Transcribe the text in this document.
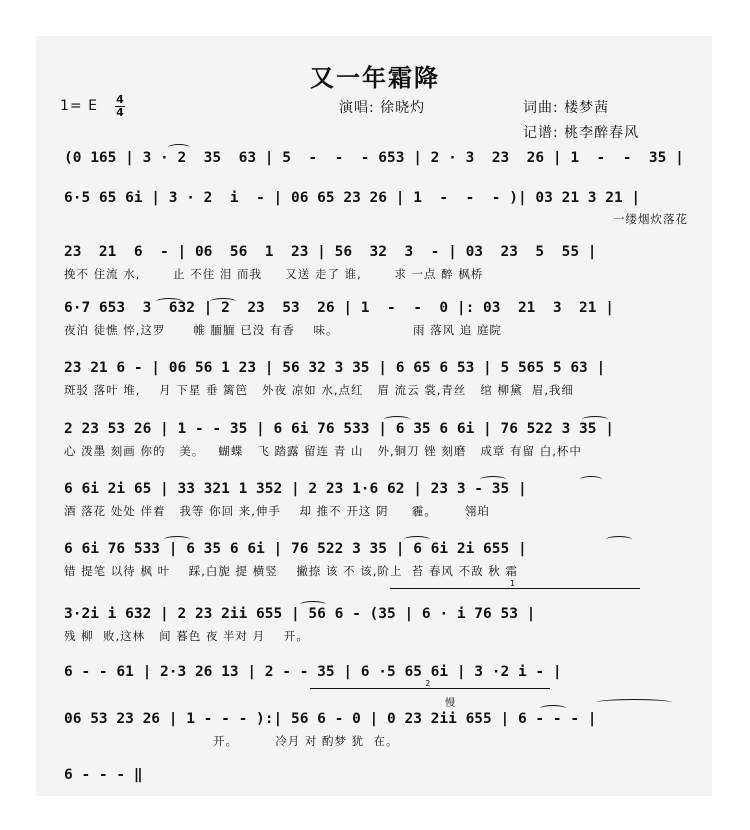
又一年霜降
1= E 4
4	演唱: 徐晓灼	词曲: 楼梦茜
记谱: 桃李醉春风
(0 165 | 3 · 2  35  63 | 5  -  -  - 653 | 2 · 3  23  26 | 1  -  -  35 |
6·5 65 6i | 3 · 2  i  - | 06 65 23 26 | 1  -  -  - )| 03 21 3 21 |
一缕烟炊落花
23  21  6  - | 06  56  1  23 | 56  32  3  - | 03  23  5  55 |
挽不 住流 水,       止 不住 泪 而我     又送 走了 谁,       求 一点 醉 枫桥
6·7 653  3  632 | 2  23  53  26 | 1  -  -  0 |: 03  21  3  21 |
夜泊 徒憔 悴,这罗      帷 腼腼 已没 有香    味。                雨 落风 追 庭院
23 21 6 - | 06 56 1 23 | 56 32 3 35 | 6 65 6 53 | 5 565 5 63 |
斑驳 落叶 堆,    月 下星 垂 篱笆   外夜 凉如 水,点红   眉 流云 裳,青丝   绾 柳黛  眉,我细
2 23 53 26 | 1 - - 35 | 6 6i 76 533 | 6 35 6 6i | 76 522 3 35 |
心 泼墨 刻画 你的   美。   蝴蝶   飞 踏露 留连 青 山   外,铜刀 锉 刻磨   成章 有留 白,杯中
6 6i 2i 65 | 33 321 1 352 | 2 23 1·6 62 | 23 3 - 35 |
酒 落花 处处 伴着   我等 你回 来,伸手    却 推不 开这 阴     霾。      翎珀
6 6i 76 533 | 6 35 6 6i | 76 522 3 35 | 6 6i 2i 655 |
错 提笔 以待 枫 叶    踩,白旎 提 横竖    撇捺 该 不 该,阶上  苔 春风 不敌 秋 霜
1
3·2i i 632 | 2 23 2ii 655 | 56 6 - (35 | 6 · i 76 53 |
残 柳  败,这林   间 暮色 夜 半对 月    开。
6 - - 61 | 2·3 26 13 | 2 - - 35 | 6 ·5 65 6i | 3 ·2 i - |
2
慢
06 53 23 26 | 1 - - - ):| 56 6 - 0 | 0 23 2ii 655 | 6 - - - |
开。        冷月 对 酌梦 犹  在。
6 - - - ‖
